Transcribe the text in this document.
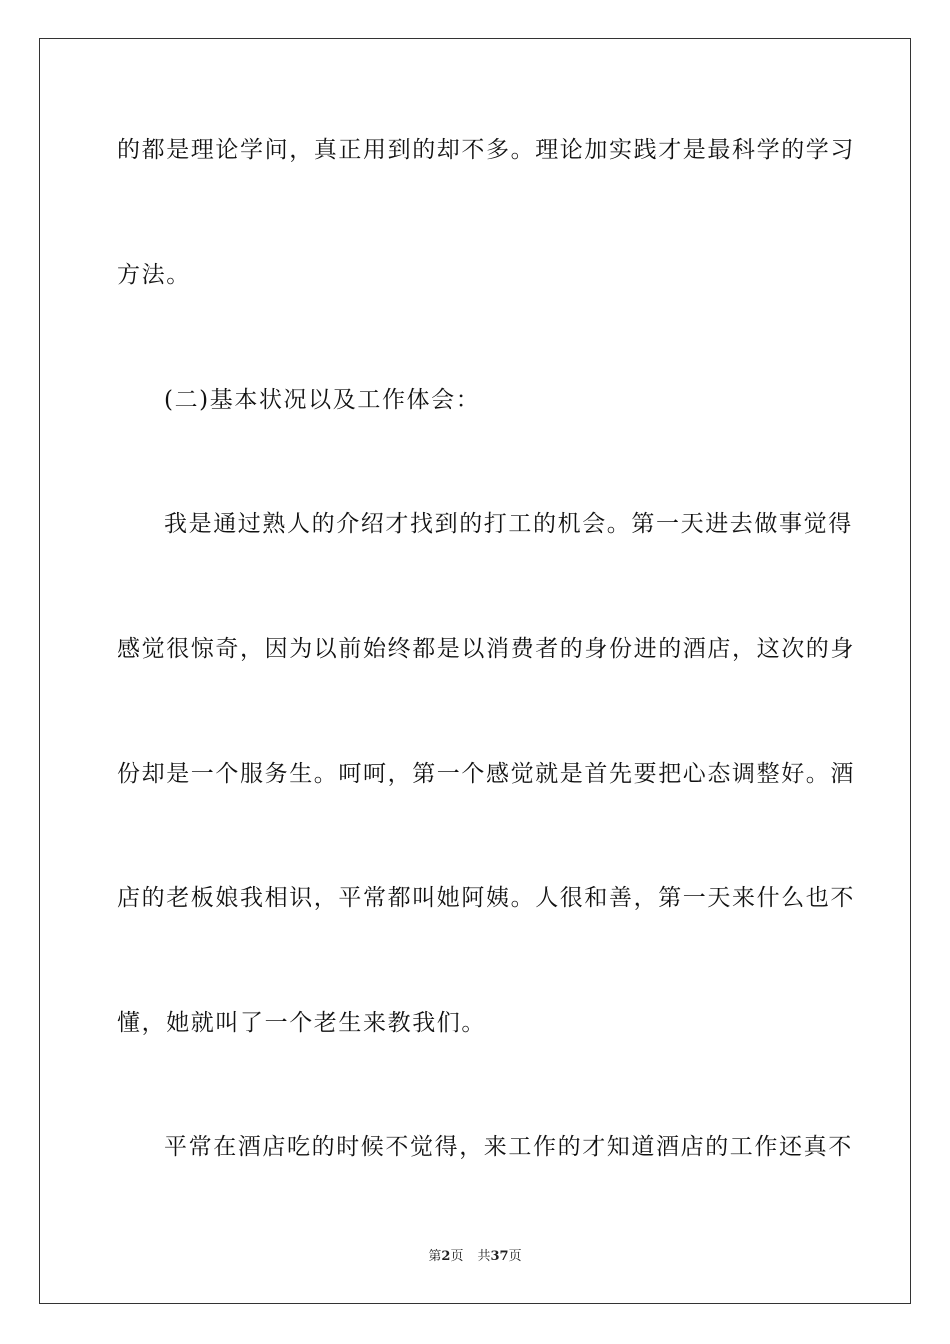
的都是理论学问，真正用到的却不多。理论加实践才是最科学的学习
方法。
(二)基本状况以及工作体会：
我是通过熟人的介绍才找到的打工的机会。第一天进去做事觉得
感觉很惊奇，因为以前始终都是以消费者的身份进的酒店，这次的身
份却是一个服务生。呵呵，第一个感觉就是首先要把心态调整好。酒
店的老板娘我相识，平常都叫她阿姨。人很和善，第一天来什么也不
懂，她就叫了一个老生来教我们。
平常在酒店吃的时候不觉得，来工作的才知道酒店的工作还真不
第2页 共37页
